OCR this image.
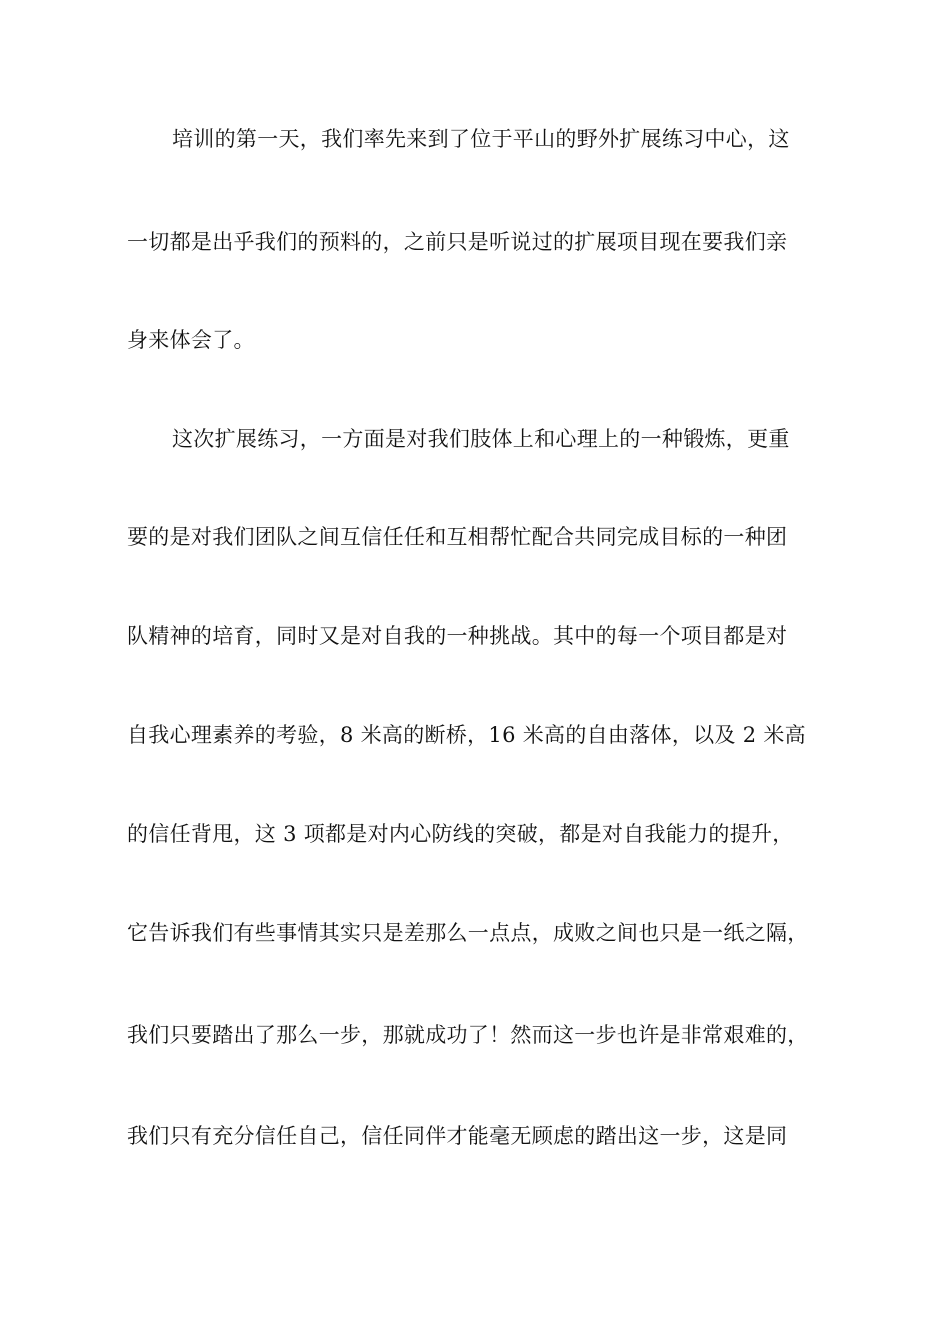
培训的第一天，我们率先来到了位于平山的野外扩展练习中心，这
一切都是出乎我们的预料的，之前只是听说过的扩展项目现在要我们亲
身来体会了。
这次扩展练习，一方面是对我们肢体上和心理上的一种锻炼，更重
要的是对我们团队之间互信任任和互相帮忙配合共同完成目标的一种团
队精神的培育，同时又是对自我的一种挑战。其中的每一个项目都是对
自我心理素养的考验，8 米高的断桥，16 米高的自由落体，以及 2 米高
的信任背甩，这 3 项都是对内心防线的突破，都是对自我能力的提升，
它告诉我们有些事情其实只是差那么一点点，成败之间也只是一纸之隔，
我们只要踏出了那么一步，那就成功了！然而这一步也许是非常艰难的，
我们只有充分信任自己，信任同伴才能毫无顾虑的踏出这一步，这是同
